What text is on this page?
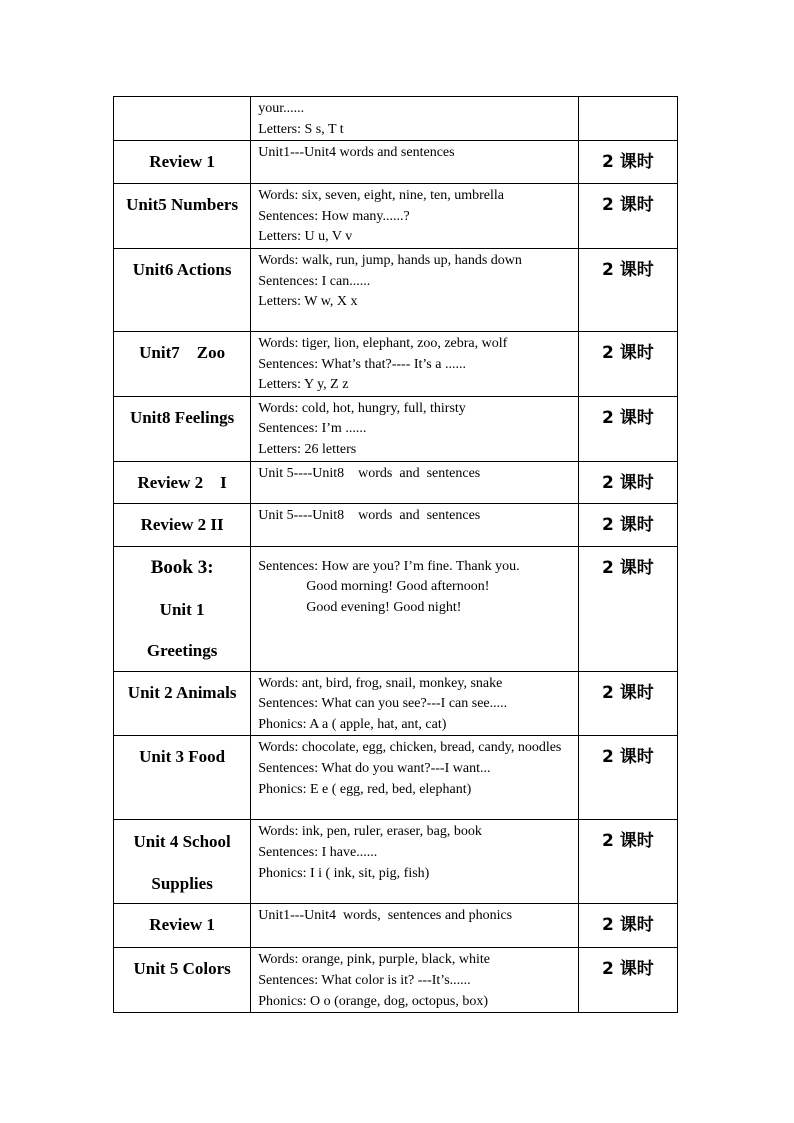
	your......
Letters: S s, T t	

Review 1	Unit1---Unit4 words and sentences	2 课时

Unit5 Numbers	Words: six, seven, eight, nine, ten, umbrella
Sentences: How many......?
Letters: U u, V v	2 课时

Unit6 Actions	Words: walk, run, jump, hands up, hands down
Sentences: I can......
Letters: W w, X x	2 课时

Unit7    Zoo	Words: tiger, lion, elephant, zoo, zebra, wolf
Sentences: What’s that?---- It’s a ......
Letters: Y y, Z z	2 课时

Unit8 Feelings	Words: cold, hot, hungry, full, thirsty
Sentences: I’m ......
Letters: 26 letters	2 课时

Review 2    I	Unit 5----Unit8    words  and  sentences	2 课时

Review 2 II	Unit 5----Unit8    words  and  sentences	2 课时

Book 3:
Unit 1
Greetings	Sentences: How are you? I’m fine. Thank you.
Good morning! Good afternoon!
Good evening! Good night!	2 课时

Unit 2 Animals	Words: ant, bird, frog, snail, monkey, snake
Sentences: What can you see?---I can see.....
Phonics: A a ( apple, hat, ant, cat)	2 课时

Unit 3 Food	Words: chocolate, egg, chicken, bread, candy, noodles
Sentences: What do you want?---I want...
Phonics: E e ( egg, red, bed, elephant)	2 课时

Unit 4 School
Supplies	Words: ink, pen, ruler, eraser, bag, book
Sentences: I have......
Phonics: I i ( ink, sit, pig, fish)	2 课时

Review 1	Unit1---Unit4  words,  sentences and phonics	2 课时

Unit 5 Colors	Words: orange, pink, purple, black, white
Sentences: What color is it? ---It’s......
Phonics: O o (orange, dog, octopus, box)	2 课时
